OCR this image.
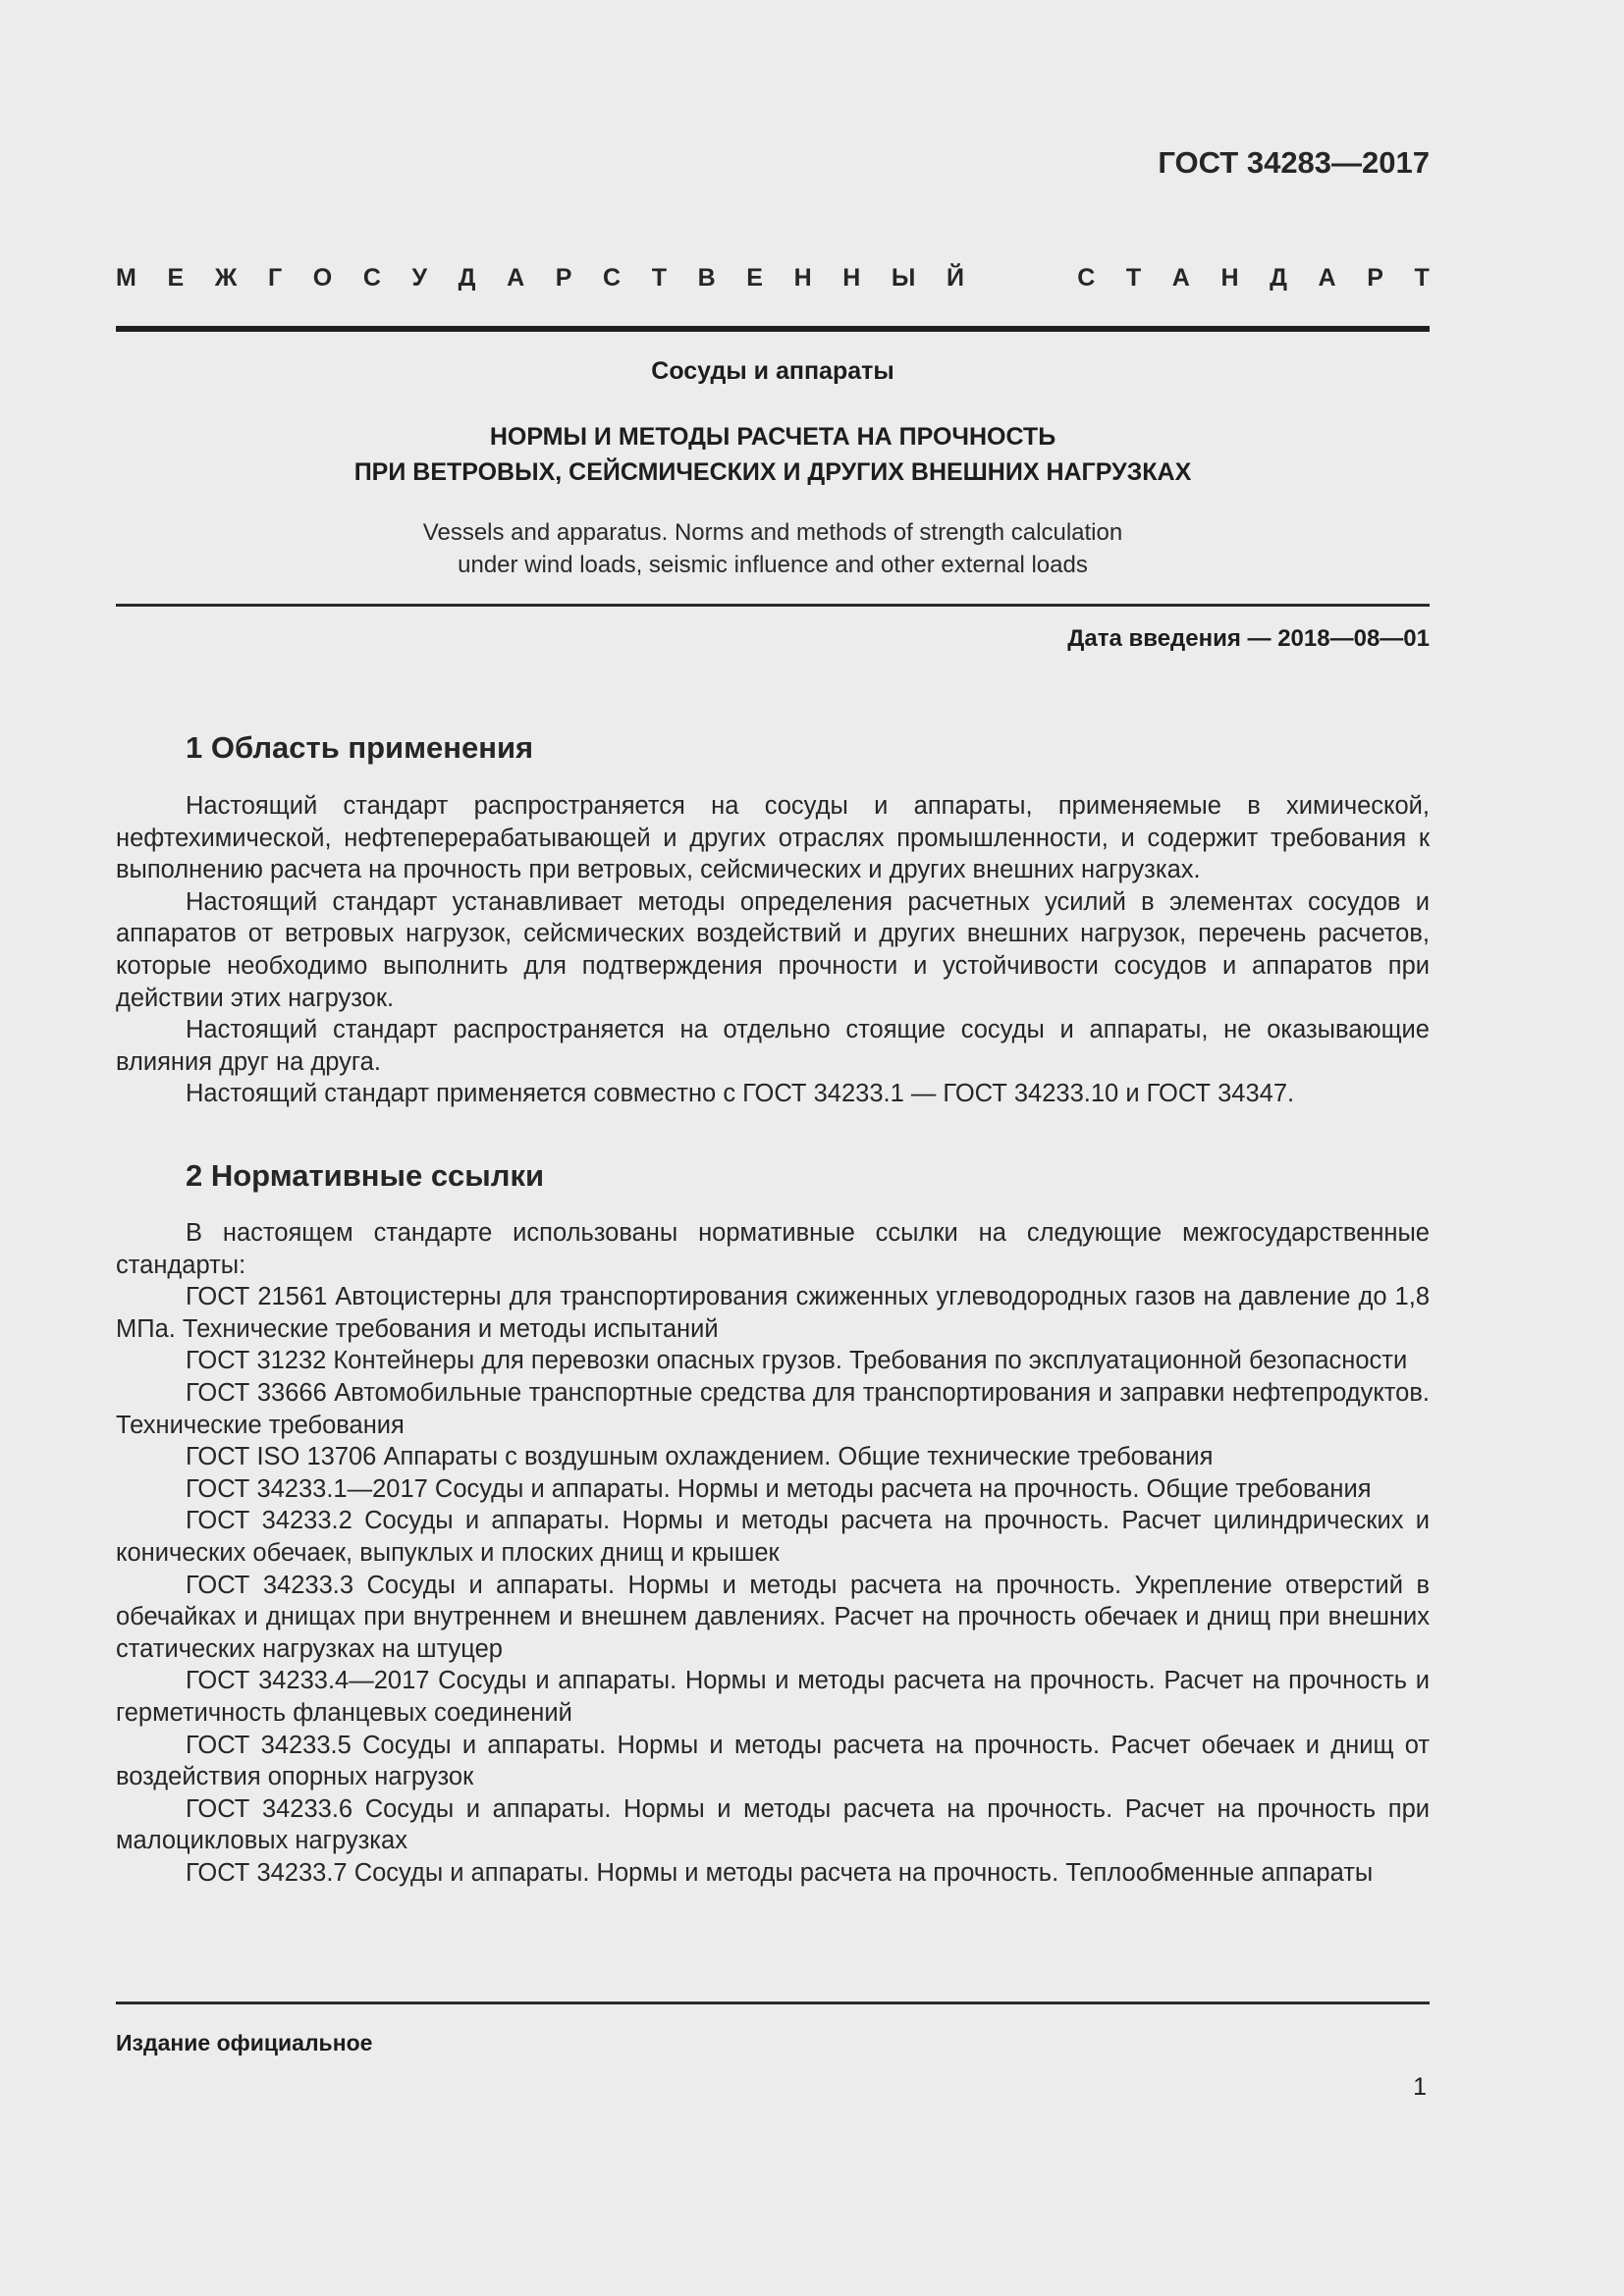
ГОСТ 34283—2017
М Е Ж Г О С У Д А Р С Т В Е Н Н Ы Й	С Т А Н Д А Р Т
Сосуды и аппараты
НОРМЫ И МЕТОДЫ РАСЧЕТА НА ПРОЧНОСТЬ
ПРИ ВЕТРОВЫХ, СЕЙСМИЧЕСКИХ И ДРУГИХ ВНЕШНИХ НАГРУЗКАХ
Vessels and apparatus. Norms and methods of strength calculation
under wind loads, seismic influence and other external loads
Дата введения — 2018—08—01
1 Область применения

Настоящий стандарт распространяется на сосуды и аппараты, применяемые в химической, нефтехимической, нефтеперерабатывающей и других отраслях промышленности, и содержит требования к выполнению расчета на прочность при ветровых, сейсмических и других внешних нагрузках.

Настоящий стандарт устанавливает методы определения расчетных усилий в элементах сосудов и аппаратов от ветровых нагрузок, сейсмических воздействий и других внешних нагрузок, перечень расчетов, которые необходимо выполнить для подтверждения прочности и устойчивости сосудов и аппаратов при действии этих нагрузок.

Настоящий стандарт распространяется на отдельно стоящие сосуды и аппараты, не оказывающие влияния друг на друга.

Настоящий стандарт применяется совместно с ГОСТ 34233.1 — ГОСТ 34233.10 и ГОСТ 34347.

2 Нормативные ссылки

В настоящем стандарте использованы нормативные ссылки на следующие межгосударственные стандарты:

ГОСТ 21561 Автоцистерны для транспортирования сжиженных углеводородных газов на давление до 1,8 МПа. Технические требования и методы испытаний

ГОСТ 31232 Контейнеры для перевозки опасных грузов. Требования по эксплуатационной безопасности

ГОСТ 33666 Автомобильные транспортные средства для транспортирования и заправки нефтепродуктов. Технические требования

ГОСТ ISO 13706 Аппараты с воздушным охлаждением. Общие технические требования

ГОСТ 34233.1—2017 Сосуды и аппараты. Нормы и методы расчета на прочность. Общие требования

ГОСТ 34233.2 Сосуды и аппараты. Нормы и методы расчета на прочность. Расчет цилиндрических и конических обечаек, выпуклых и плоских днищ и крышек

ГОСТ 34233.3 Сосуды и аппараты. Нормы и методы расчета на прочность. Укрепление отверстий в обечайках и днищах при внутреннем и внешнем давлениях. Расчет на прочность обечаек и днищ при внешних статических нагрузках на штуцер

ГОСТ 34233.4—2017 Сосуды и аппараты. Нормы и методы расчета на прочность. Расчет на прочность и герметичность фланцевых соединений

ГОСТ 34233.5 Сосуды и аппараты. Нормы и методы расчета на прочность. Расчет обечаек и днищ от воздействия опорных нагрузок

ГОСТ 34233.6 Сосуды и аппараты. Нормы и методы расчета на прочность. Расчет на прочность при малоцикловых нагрузках

ГОСТ 34233.7 Сосуды и аппараты. Нормы и методы расчета на прочность. Теплообменные аппараты

Издание официальное
1
